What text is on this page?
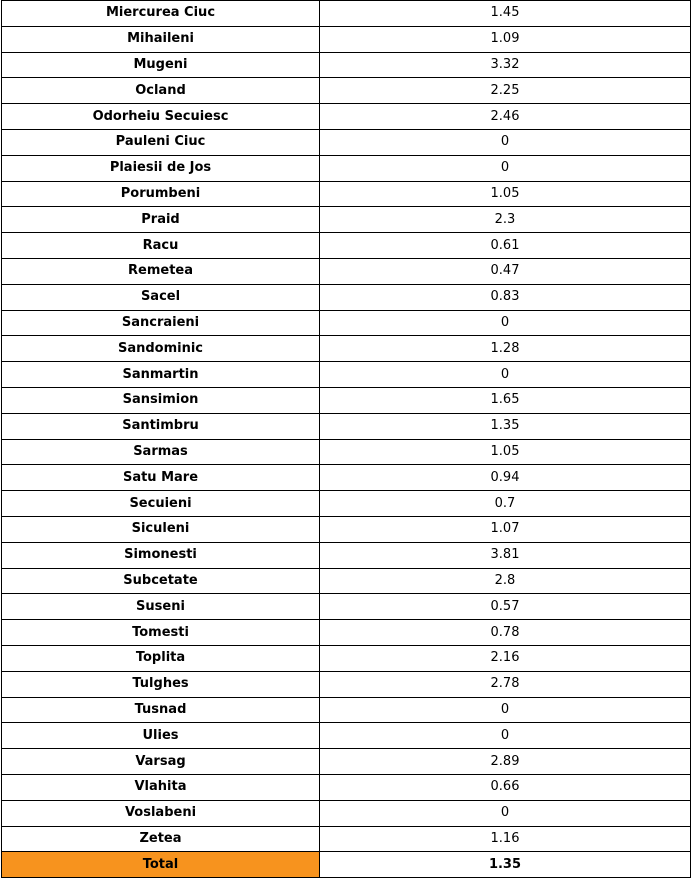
Miercurea Ciuc	1.45
Mihaileni	1.09
Mugeni	3.32
Ocland	2.25
Odorheiu Secuiesc	2.46
Pauleni Ciuc	0
Plaiesii de Jos	0
Porumbeni	1.05
Praid	2.3
Racu	0.61
Remetea	0.47
Sacel	0.83
Sancraieni	0
Sandominic	1.28
Sanmartin	0
Sansimion	1.65
Santimbru	1.35
Sarmas	1.05
Satu Mare	0.94
Secuieni	0.7
Siculeni	1.07
Simonesti	3.81
Subcetate	2.8
Suseni	0.57
Tomesti	0.78
Toplita	2.16
Tulghes	2.78
Tusnad	0
Ulies	0
Varsag	2.89
Vlahita	0.66
Voslabeni	0
Zetea	1.16
Total	1.35
